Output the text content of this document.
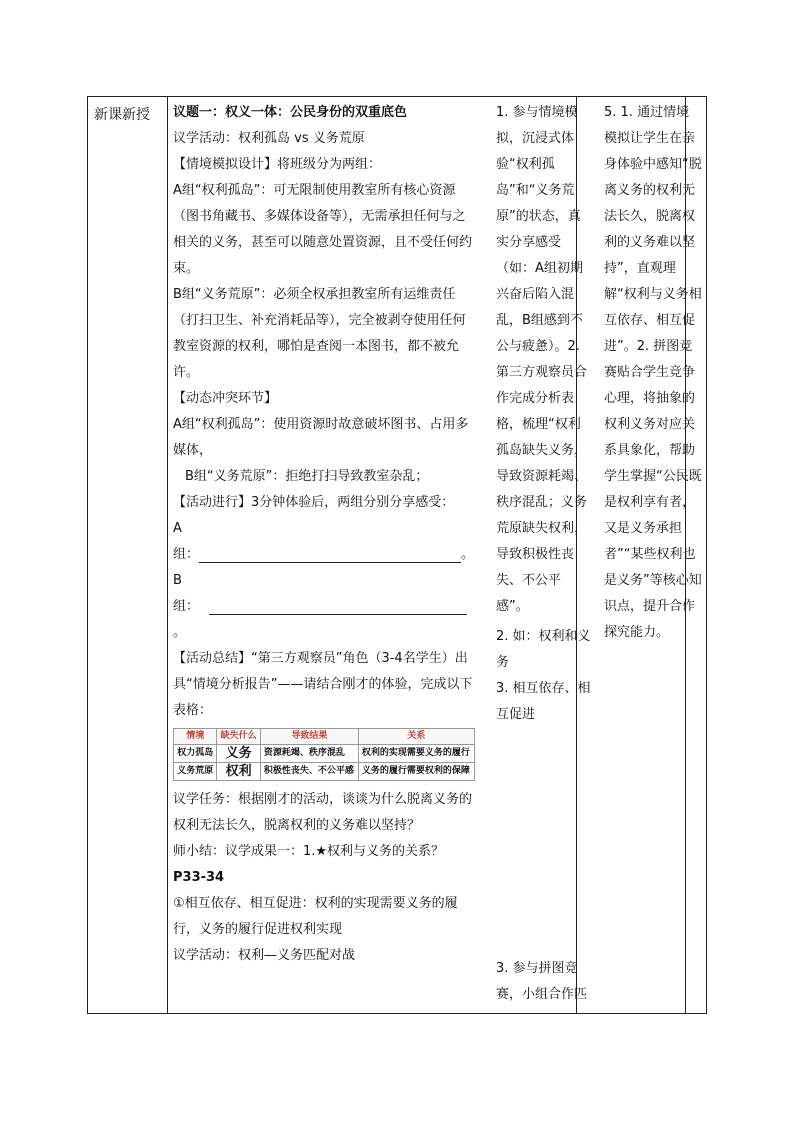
新课新授 议题一：权义一体：公民身份的双重底色

议学活动：权利孤岛 vs 义务荒原

【情境模拟设计】将班级分为两组：

A组“权利孤岛”：可无限制使用教室所有核心资源（图书角藏书、多媒体设备等），无需承担任何与之相关的义务，甚至可以随意处置资源，且不受任何约束。

B组“义务荒原”：必须全权承担教室所有运维责任（打扫卫生、补充消耗品等），完全被剥夺使用任何教室资源的权利，哪怕是查阅一本图书，都不被允许。

【动态冲突环节】

A组“权利孤岛”：使用资源时故意破坏图书、占用多媒体，

B组“义务荒原”：拒绝打扫导致教室杂乱；

【活动进行】3分钟体验后，两组分别分享感受：

A

组：	。

B

组：

。

【活动总结】“第三方观察员”角色（3-4名学生）出具“情境分析报告”——请结合刚才的体验，完成以下表格：

情境	缺失什么	导致结果	关系
权力孤岛	义务	资源耗竭、秩序混乱	权利的实现需要义务的履行
义务荒原	权利	积极性丧失、不公平感	义务的履行需要权利的保障

议学任务：根据刚才的活动，谈谈为什么脱离义务的权利无法长久，脱离权利的义务难以坚持？

师小结：议学成果一：1.★权利与义务的关系？

P33-34

①相互依存、相互促进：权利的实现需要义务的履行，义务的履行促进权利实现

议学活动：权利—义务匹配对战

1. 参与情境模拟，沉浸式体验“权利孤岛”和“义务荒原”的状态，真实分享感受（如：A组初期兴奋后陷入混乱，B组感到不公与疲惫）。2. 第三方观察员合作完成分析表格，梳理“权利孤岛缺失义务，导致资源耗竭、秩序混乱；义务荒原缺失权利，导致积极性丧失、不公平感”。
2. 如：权利和义务
3. 相互依存、相互促进
3. 参与拼图竞赛，小组合作匹
5. 1. 通过情境模拟让学生在亲身体验中感知“脱离义务的权利无法长久，脱离权利的义务难以坚持”，直观理解“权利与义务相互依存、相互促进”。2. 拼图竞赛贴合学生竞争心理，将抽象的权利义务对应关系具象化，帮助学生掌握“公民既是权利享有者，又是义务承担者”“某些权利也是义务”等核心知识点，提升合作探究能力。
